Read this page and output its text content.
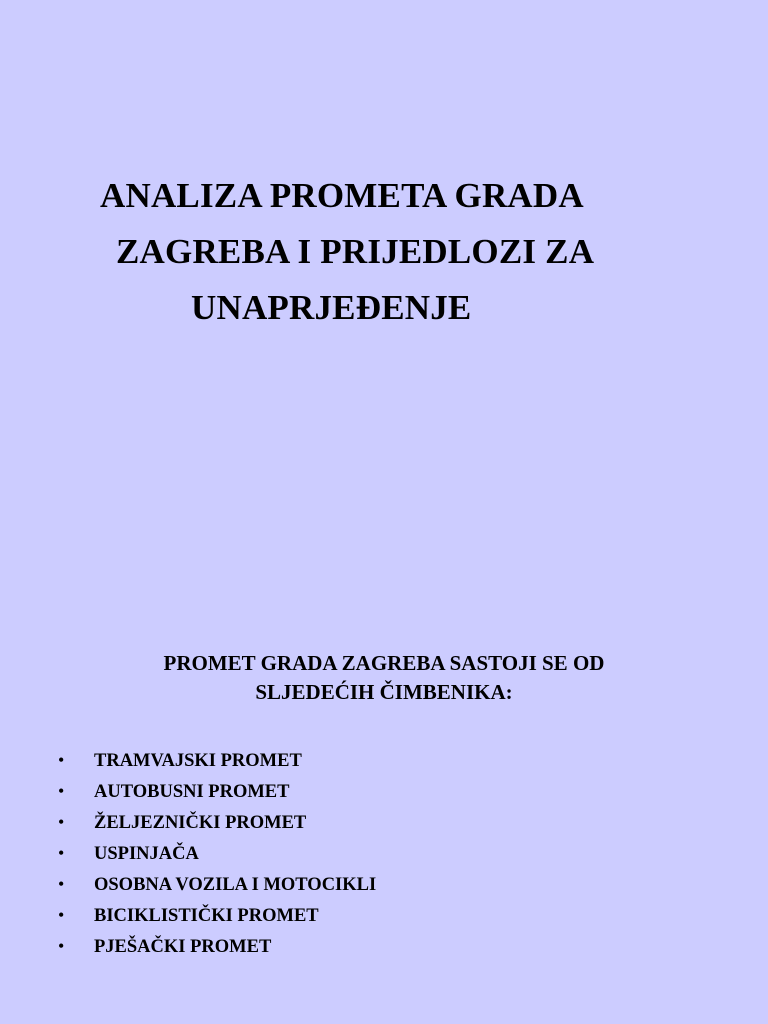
ANALIZA PROMETA GRADA
ZAGREBA I PRIJEDLOZI ZA
UNAPRJEĐENJE
PROMET GRADA ZAGREBA SASTOJI SE OD
SLJEDEĆIH ČIMBENIKA:
• TRAMVAJSKI PROMET
• AUTOBUSNI PROMET
• ŽELJEZNIČKI PROMET
• USPINJAČA
• OSOBNA VOZILA I MOTOCIKLI
• BICIKLISTIČKI PROMET
• PJEŠAČKI PROMET
